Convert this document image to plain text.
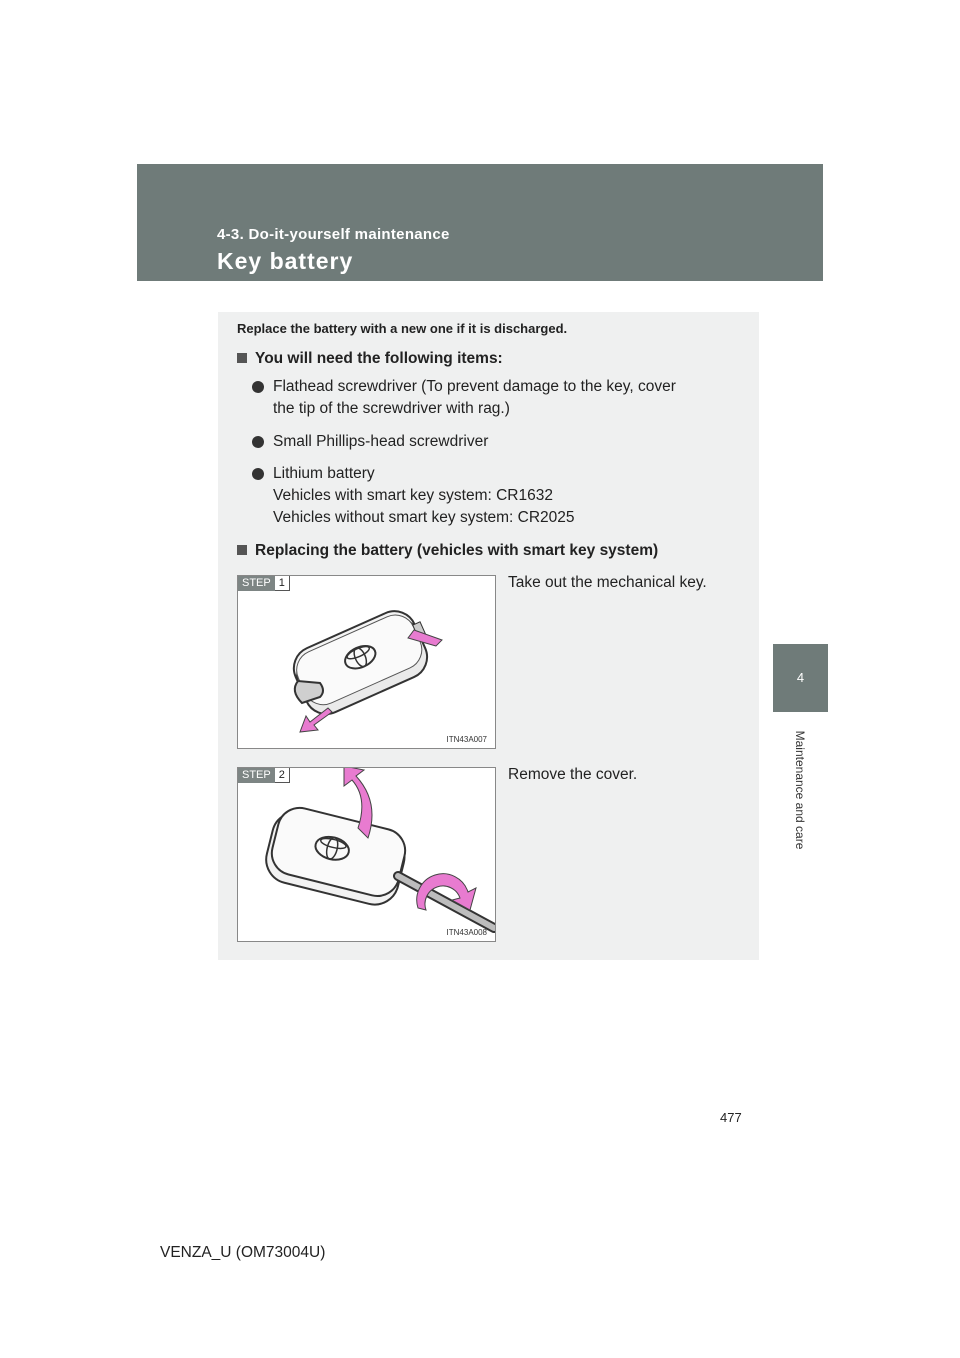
4-3. Do-it-yourself maintenance
Key battery
4
Maintenance and care
Replace the battery with a new one if it is discharged.
You will need the following items:
Flathead screwdriver (To prevent damage to the key, cover
the tip of the screwdriver with rag.)
Small Phillips-head screwdriver
Lithium battery
Vehicles with smart key system: CR1632
Vehicles without smart key system: CR2025
Replacing the battery (vehicles with smart key system)
STEP 1
ITN43A007
Take out the mechanical key.
STEP 2
ITN43A008
Remove the cover.
477
VENZA_U (OM73004U)
